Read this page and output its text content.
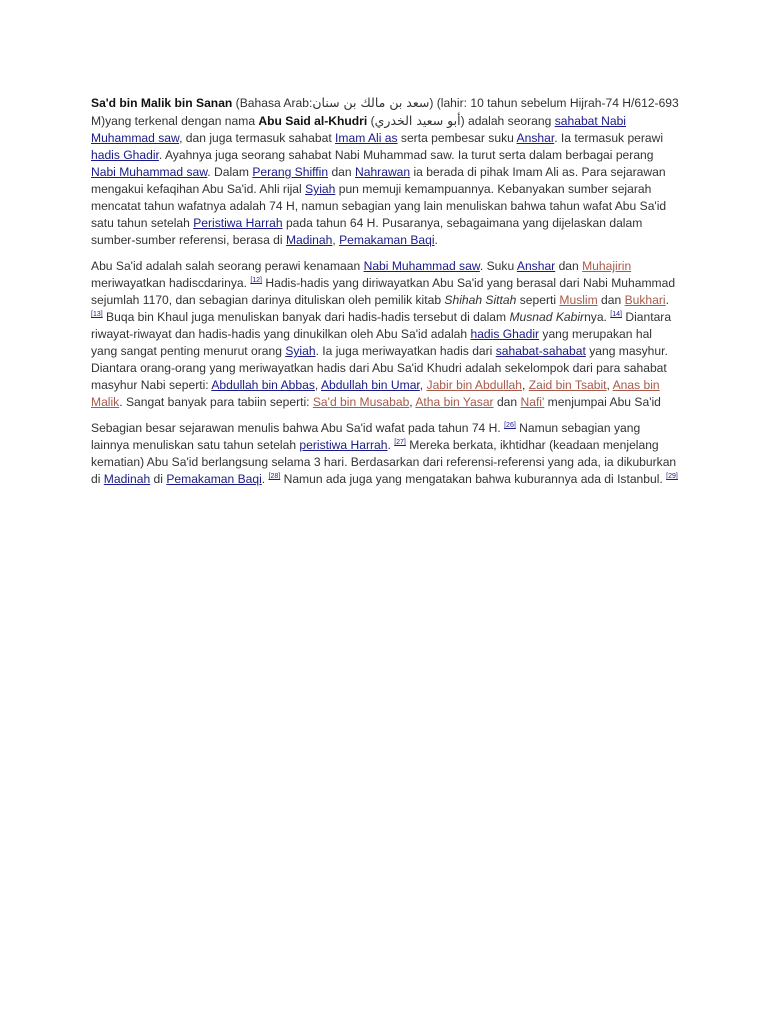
Sa'd bin Malik bin Sanan (Bahasa Arab:سعد بن مالك بن سنان) (lahir: 10 tahun sebelum Hijrah-74 H/612-693 M)yang terkenal dengan nama Abu Said al-Khudri (أبو سعيد الخدري) adalah seorang sahabat Nabi Muhammad saw, dan juga termasuk sahabat Imam Ali as serta pembesar suku Anshar. Ia termasuk perawi hadis Ghadir. Ayahnya juga seorang sahabat Nabi Muhammad saw. Ia turut serta dalam berbagai perang Nabi Muhammad saw. Dalam Perang Shiffin dan Nahrawan ia berada di pihak Imam Ali as. Para sejarawan mengakui kefaqihan Abu Sa'id. Ahli rijal Syiah pun memuji kemampuannya. Kebanyakan sumber sejarah mencatat tahun wafatnya adalah 74 H, namun sebagian yang lain menuliskan bahwa tahun wafat Abu Sa'id satu tahun setelah Peristiwa Harrah pada tahun 64 H. Pusaranya, sebagaimana yang dijelaskan dalam sumber-sumber referensi, berasa di Madinah, Pemakaman Baqi.

Abu Sa'id adalah salah seorang perawi kenamaan Nabi Muhammad saw. Suku Anshar dan Muhajirin meriwayatkan hadiscdarinya. [12] Hadis-hadis yang diriwayatkan Abu Sa'id yang berasal dari Nabi Muhammad sejumlah 1170, dan sebagian darinya dituliskan oleh pemilik kitab Shihah Sittah seperti Muslim dan Bukhari. [13] Buqa bin Khaul juga menuliskan banyak dari hadis-hadis tersebut di dalam Musnad Kabirnya. [14] Diantara riwayat-riwayat dan hadis-hadis yang dinukilkan oleh Abu Sa'id adalah hadis Ghadir yang merupakan hal yang sangat penting menurut orang Syiah. Ia juga meriwayatkan hadis dari sahabat-sahabat yang masyhur. Diantara orang-orang yang meriwayatkan hadis dari Abu Sa'id Khudri adalah sekelompok dari para sahabat masyhur Nabi seperti: Abdullah bin Abbas, Abdullah bin Umar, Jabir bin Abdullah, Zaid bin Tsabit, Anas bin Malik. Sangat banyak para tabiin seperti: Sa'd bin Musabab, Atha bin Yasar dan Nafi' menjumpai Abu Sa'id

Sebagian besar sejarawan menulis bahwa Abu Sa'id wafat pada tahun 74 H. [26] Namun sebagian yang lainnya menuliskan satu tahun setelah peristiwa Harrah. [27] Mereka berkata, ikhtidhar (keadaan menjelang kematian) Abu Sa'id berlangsung selama 3 hari. Berdasarkan dari referensi-referensi yang ada, ia dikuburkan di Madinah di Pemakaman Baqi. [28] Namun ada juga yang mengatakan bahwa kuburannya ada di Istanbul. [29]
